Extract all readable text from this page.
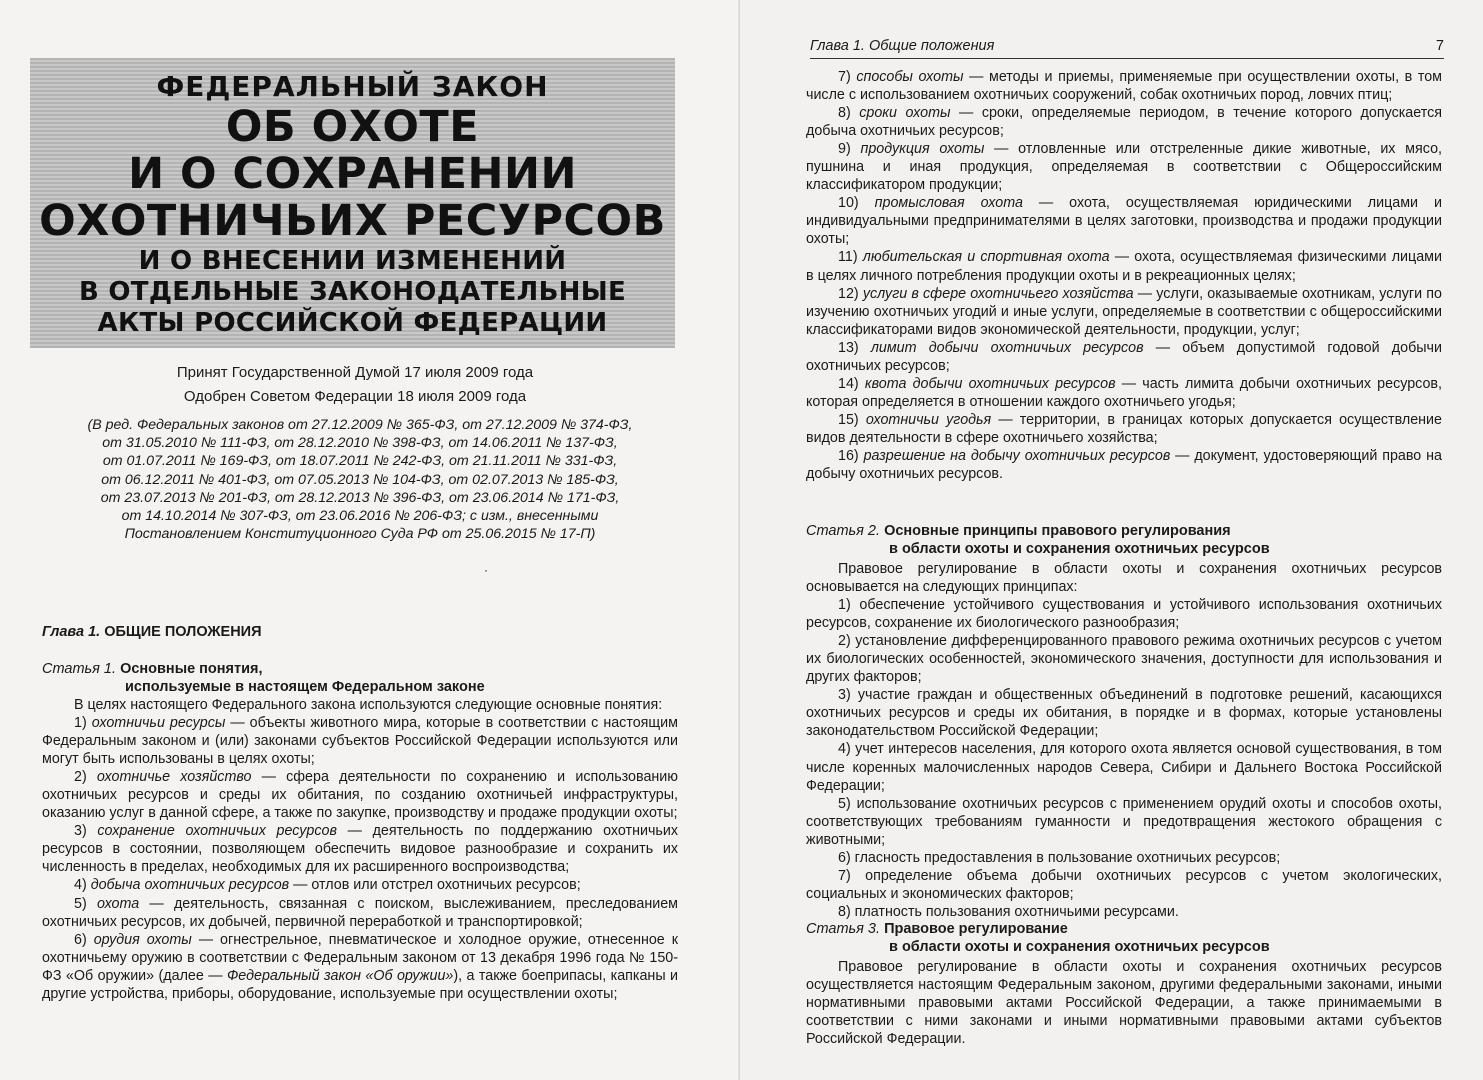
ФЕДЕРАЛЬНЫЙ ЗАКОН
ОБ ОХОТЕ
И О СОХРАНЕНИИ
ОХОТНИЧЬИХ РЕСУРСОВ
И О ВНЕСЕНИИ ИЗМЕНЕНИЙ
В ОТДЕЛЬНЫЕ ЗАКОНОДАТЕЛЬНЫЕ
АКТЫ РОССИЙСКОЙ ФЕДЕРАЦИИ
Принят Государственной Думой 17 июля 2009 года
Одобрен Советом Федерации 18 июля 2009 года
(В ред. Федеральных законов от 27.12.2009 № 365-ФЗ, от 27.12.2009 № 374-ФЗ,
от 31.05.2010 № 111-ФЗ, от 28.12.2010 № 398-ФЗ, от 14.06.2011 № 137-ФЗ,
от 01.07.2011 № 169-ФЗ, от 18.07.2011 № 242-ФЗ, от 21.11.2011 № 331-ФЗ,
от 06.12.2011 № 401-ФЗ, от 07.05.2013 № 104-ФЗ, от 02.07.2013 № 185-ФЗ,
от 23.07.2013 № 201-ФЗ, от 28.12.2013 № 396-ФЗ, от 23.06.2014 № 171-ФЗ,
от 14.10.2014 № 307-ФЗ, от 23.06.2016 № 206-ФЗ; с изм., внесенными
Постановлением Конституционного Суда РФ от 25.06.2015 № 17-П)
·
Глава 1. ОБЩИЕ ПОЛОЖЕНИЯ
Статья 1. Основные понятия,
используемые в настоящем Федеральном законе

В целях настоящего Федерального закона используются следующие основные понятия:

1) охотничьи ресурсы — объекты животного мира, которые в соответствии с настоящим Федеральным законом и (или) законами субъектов Российской Федерации используются или могут быть использованы в целях охоты;

2) охотничье хозяйство — сфера деятельности по сохранению и использованию охотничьих ресурсов и среды их обитания, по созданию охотничьей инфраструктуры, оказанию услуг в данной сфере, а также по закупке, производству и продаже продукции охоты;

3) сохранение охотничьих ресурсов — деятельность по поддержанию охотничьих ресурсов в состоянии, позволяющем обеспечить видовое разнообразие и сохранить их численность в пределах, необходимых для их расширенного воспроизводства;

4) добыча охотничьих ресурсов — отлов или отстрел охотничьих ресурсов;

5) охота — деятельность, связанная с поиском, выслеживанием, преследованием охотничьих ресурсов, их добычей, первичной переработкой и транспортировкой;

6) орудия охоты — огнестрельное, пневматическое и холодное оружие, отнесенное к охотничьему оружию в соответствии с Федеральным законом от 13 декабря 1996 года № 150-ФЗ «Об оружии» (далее — Федеральный закон «Об оружии»), а также боеприпасы, капканы и другие устройства, приборы, оборудование, используемые при осуществлении охоты;

Глава 1. Общие положения	7

7) способы охоты — методы и приемы, применяемые при осуществлении охоты, в том числе с использованием охотничьих сооружений, собак охотничьих пород, ловчих птиц;

8) сроки охоты — сроки, определяемые периодом, в течение которого допускается добыча охотничьих ресурсов;

9) продукция охоты — отловленные или отстреленные дикие животные, их мясо, пушнина и иная продукция, определяемая в соответствии с Общероссийским классификатором продукции;

10) промысловая охота — охота, осуществляемая юридическими лицами и индивидуальными предпринимателями в целях заготовки, производства и продажи продукции охоты;

11) любительская и спортивная охота — охота, осуществляемая физическими лицами в целях личного потребления продукции охоты и в рекреационных целях;

12) услуги в сфере охотничьего хозяйства — услуги, оказываемые охотникам, услуги по изучению охотничьих угодий и иные услуги, определяемые в соответствии с общероссийскими классификаторами видов экономической деятельности, продукции, услуг;

13) лимит добычи охотничьих ресурсов — объем допустимой годовой добычи охотничьих ресурсов;

14) квота добычи охотничьих ресурсов — часть лимита добычи охотничьих ресурсов, которая определяется в отношении каждого охотничьего угодья;

15) охотничьи угодья — территории, в границах которых допускается осуществление видов деятельности в сфере охотничьего хозяйства;

16) разрешение на добычу охотничьих ресурсов — документ, удостоверяющий право на добычу охотничьих ресурсов.

Статья 2. Основные принципы правового регулирования
в области охоты и сохранения охотничьих ресурсов

Правовое регулирование в области охоты и сохранения охотничьих ресурсов основывается на следующих принципах:

1) обеспечение устойчивого существования и устойчивого использования охотничьих ресурсов, сохранение их биологического разнообразия;

2) установление дифференцированного правового режима охотничьих ресурсов с учетом их биологических особенностей, экономического значения, доступности для использования и других факторов;

3) участие граждан и общественных объединений в подготовке решений, касающихся охотничьих ресурсов и среды их обитания, в порядке и в формах, которые установлены законодательством Российской Федерации;

4) учет интересов населения, для которого охота является основой существования, в том числе коренных малочисленных народов Севера, Сибири и Дальнего Востока Российской Федерации;

5) использование охотничьих ресурсов с применением орудий охоты и способов охоты, соответствующих требованиям гуманности и предотвращения жестокого обращения с животными;

6) гласность предоставления в пользование охотничьих ресурсов;

7) определение объема добычи охотничьих ресурсов с учетом экологических, социальных и экономических факторов;

8) платность пользования охотничьими ресурсами.

Статья 3. Правовое регулирование
в области охоты и сохранения охотничьих ресурсов

Правовое регулирование в области охоты и сохранения охотничьих ресурсов осуществляется настоящим Федеральным законом, другими федеральными законами, иными нормативными правовыми актами Российской Федерации, а также принимаемыми в соответствии с ними законами и иными нормативными правовыми актами субъектов Российской Федерации.
